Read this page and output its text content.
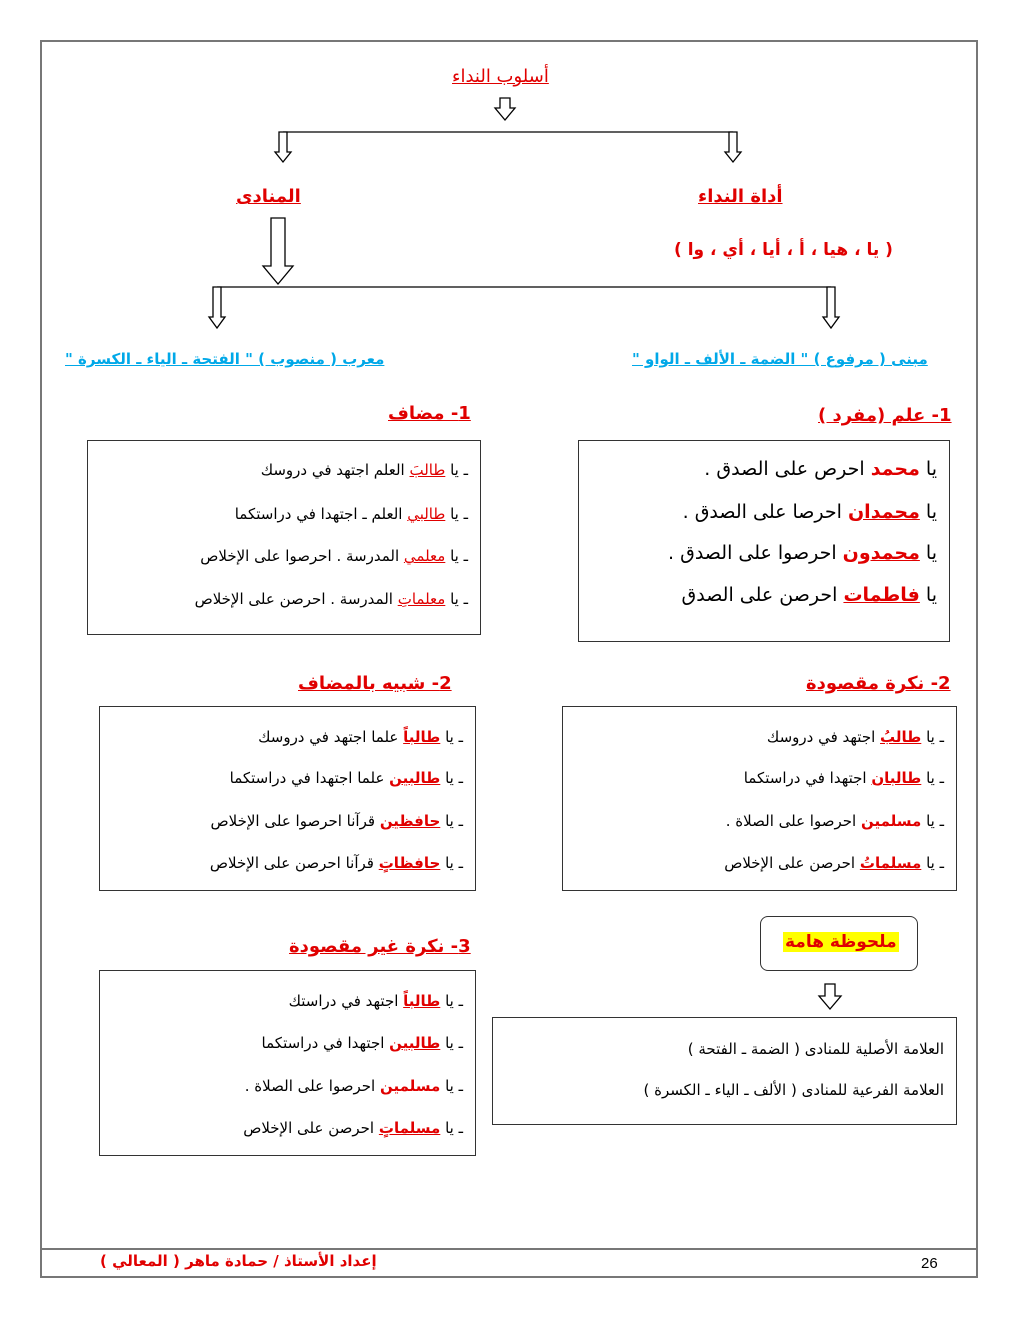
أسلوب النداء
أداة النداء
المنادى
( يا ، هيا ، أ ، أيا ، أي ، وا )
مبنى ( مرفوع ) " الضمة ـ الألف ـ الواو "
معرب ( منصوب ) " الفتحة ـ الياء ـ الكسرة "
1- علم (مفرد )
1- مضاف
يا محمد احرص على الصدق .
يا محمدان احرصا على الصدق .
يا محمدون احرصوا على الصدق .
يا فاطمات احرصن على الصدق
ـ يا طالبَ العلم اجتهد في دروسك
ـ يا طالبي العلم ـ اجتهدا في دراستكما
ـ يا معلمي المدرسة . احرصوا على الإخلاص
ـ يا معلماتِ المدرسة . احرصن على الإخلاص
2- نكرة مقصودة
2- شبيه بالمضاف
ـ يا طالبُ اجتهد في دروسك
ـ يا طالبان اجتهدا في دراستكما
ـ يا مسلمين احرصوا على الصلاة .
ـ يا مسلماتُ احرصن على الإخلاص
ـ يا طالباً علما اجتهد في دروسك
ـ يا طالبين علما اجتهدا في دراستكما
ـ يا حافظين قرآنا احرصوا على الإخلاص
ـ يا حافظاتٍ قرآنا احرصن على الإخلاص
ملحوظة هامة
3- نكرة غير مقصودة
ـ يا طالباً اجتهد في دراستك
ـ يا طالبين اجتهدا في دراستكما
ـ يا مسلمين احرصوا على الصلاة .
ـ يا مسلماتٍ احرصن على الإخلاص
العلامة الأصلية للمنادى ( الضمة ـ الفتحة )
العلامة الفرعية للمنادى ( الألف ـ الياء ـ الكسرة )
إعداد الأستاذ / حمادة ماهر ( المعالي )	26
